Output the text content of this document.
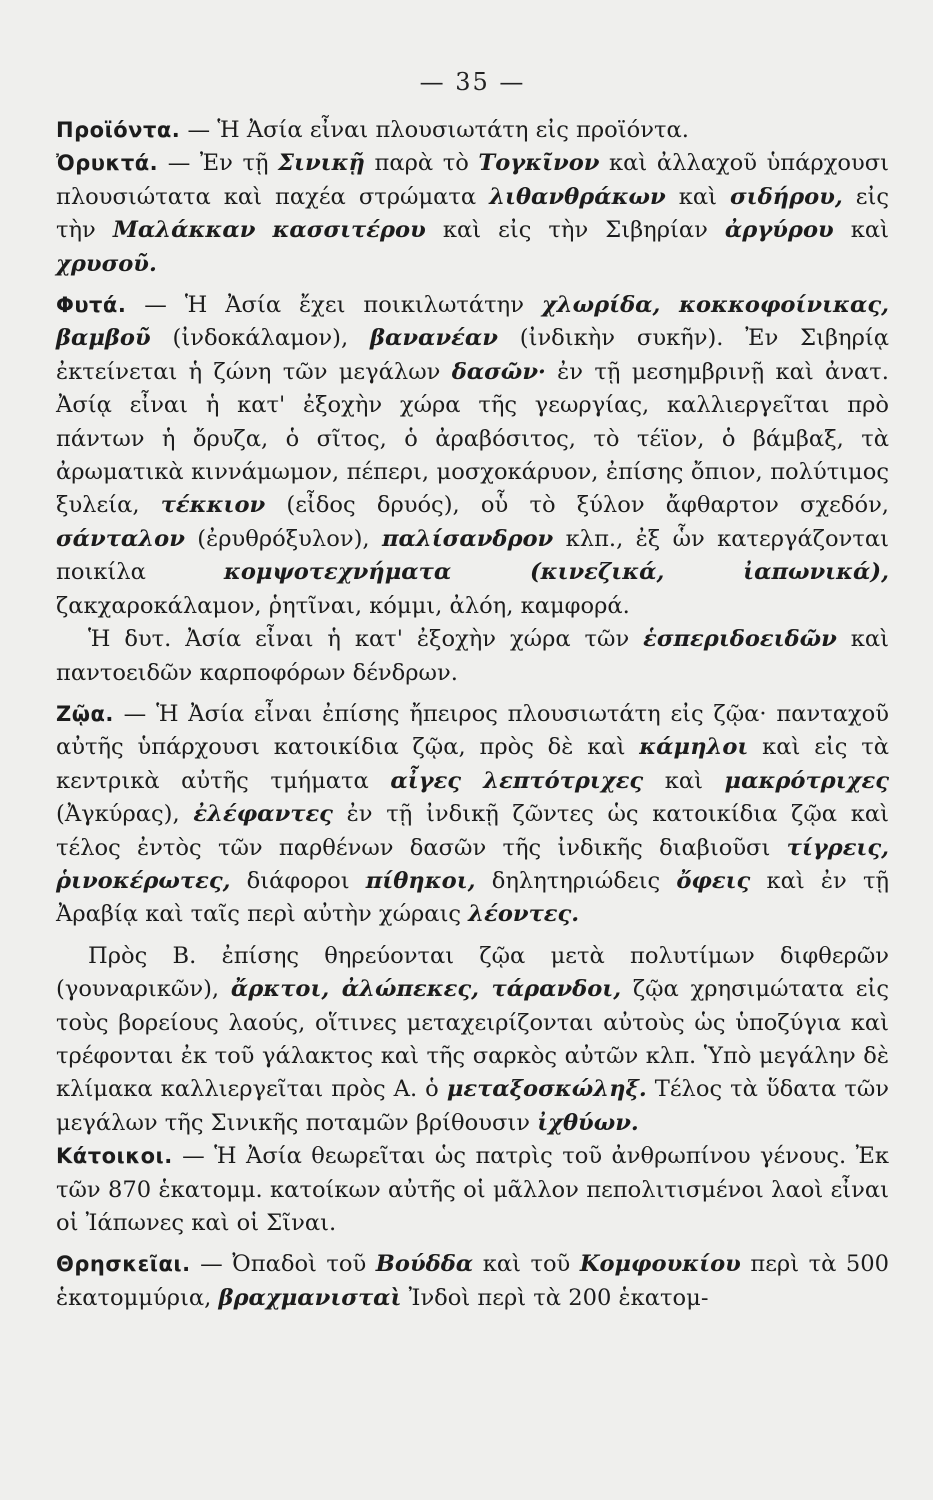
— 35 —

Προϊόντα. — Ἡ Ἀσία εἶναι πλουσιωτάτη εἰς προϊόντα.

Ὀρυκτά. — Ἐν τῇ Σινικῇ παρὰ τὸ Τογκῖνον καὶ ἀλλαχοῦ ὑπάρχουσι πλουσιώτατα καὶ παχέα στρώματα λιθανθράκων καὶ σιδήρου, εἰς τὴν Μαλάκκαν κασσιτέρου καὶ εἰς τὴν Σιβηρίαν ἀργύρου καὶ χρυσοῦ.

Φυτά. — Ἡ Ἀσία ἔχει ποικιλωτάτην χλωρίδα, κοκκοφοίνικας, βαμβοῦ (ἰνδοκάλαμον), βανανέαν (ἰνδικὴν συκῆν). Ἐν Σιβηρίᾳ ἐκτείνεται ἡ ζώνη τῶν μεγάλων δασῶν· ἐν τῇ μεσημβρινῇ καὶ ἀνατ. Ἀσίᾳ εἶναι ἡ κατ' ἐξοχὴν χώρα τῆς γεωργίας, καλλιεργεῖται πρὸ πάντων ἡ ὄρυζα, ὁ σῖτος, ὁ ἀραβόσιτος, τὸ τέϊον, ὁ βάμβαξ, τὰ ἀρωματικὰ κιννάμωμον, πέπερι, μοσχοκάρυον, ἐπίσης ὄπιον, πολύτιμος ξυλεία, τέκκιον (εἶδος δρυός), οὗ τὸ ξύλον ἄφθαρτον σχεδόν, σάνταλον (ἐρυθρόξυλον), παλίσανδρον κλπ., ἐξ ὧν κατεργάζονται ποικίλα κομψοτεχνήματα (κινεζικά, ἰαπωνικά), ζακχαροκάλαμον, ῥητῖναι, κόμμι, ἀλόη, καμφορά.

Ἡ δυτ. Ἀσία εἶναι ἡ κατ' ἐξοχὴν χώρα τῶν ἑσπεριδοειδῶν καὶ παντοειδῶν καρποφόρων δένδρων.

Ζῷα. — Ἡ Ἀσία εἶναι ἐπίσης ἤπειρος πλουσιωτάτη εἰς ζῷα· πανταχοῦ αὐτῆς ὑπάρχουσι κατοικίδια ζῷα, πρὸς δὲ καὶ κάμηλοι καὶ εἰς τὰ κεντρικὰ αὐτῆς τμήματα αἶγες λεπτότριχες καὶ μακρότριχες (Ἀγκύρας), ἐλέφαντες ἐν τῇ ἰνδικῇ ζῶντες ὡς κατοικίδια ζῷα καὶ τέλος ἐντὸς τῶν παρθένων δασῶν τῆς ἰνδικῆς διαβιοῦσι τίγρεις, ῥινοκέρωτες, διάφοροι πίθηκοι, δηλητηριώδεις ὄφεις καὶ ἐν τῇ Ἀραβίᾳ καὶ ταῖς περὶ αὐτὴν χώραις λέοντες.

Πρὸς Β. ἐπίσης θηρεύονται ζῷα μετὰ πολυτίμων διφθερῶν (γουναρικῶν), ἄρκτοι, ἀλώπεκες, τάρανδοι, ζῷα χρησιμώτατα εἰς τοὺς βορείους λαούς, οἵτινες μεταχειρίζονται αὐτοὺς ὡς ὑποζύγια καὶ τρέφονται ἐκ τοῦ γάλακτος καὶ τῆς σαρκὸς αὐτῶν κλπ. Ὑπὸ μεγάλην δὲ κλίμακα καλλιεργεῖται πρὸς Α. ὁ μεταξοσκώληξ. Τέλος τὰ ὕδατα τῶν μεγάλων τῆς Σινικῆς ποταμῶν βρίθουσιν ἰχθύων.

Κάτοικοι. — Ἡ Ἀσία θεωρεῖται ὡς πατρὶς τοῦ ἀνθρωπίνου γένους. Ἐκ τῶν 870 ἑκατομμ. κατοίκων αὐτῆς οἱ μᾶλλον πεπολιτισμένοι λαοὶ εἶναι οἱ Ἰάπωνες καὶ οἱ Σῖναι.

Θρησκεῖαι. — Ὀπαδοὶ τοῦ Βούδδα καὶ τοῦ Κομφουκίου περὶ τὰ 500 ἑκατομμύρια, βραχμανισταὶ Ἰνδοὶ περὶ τὰ 200 ἑκατομ-
